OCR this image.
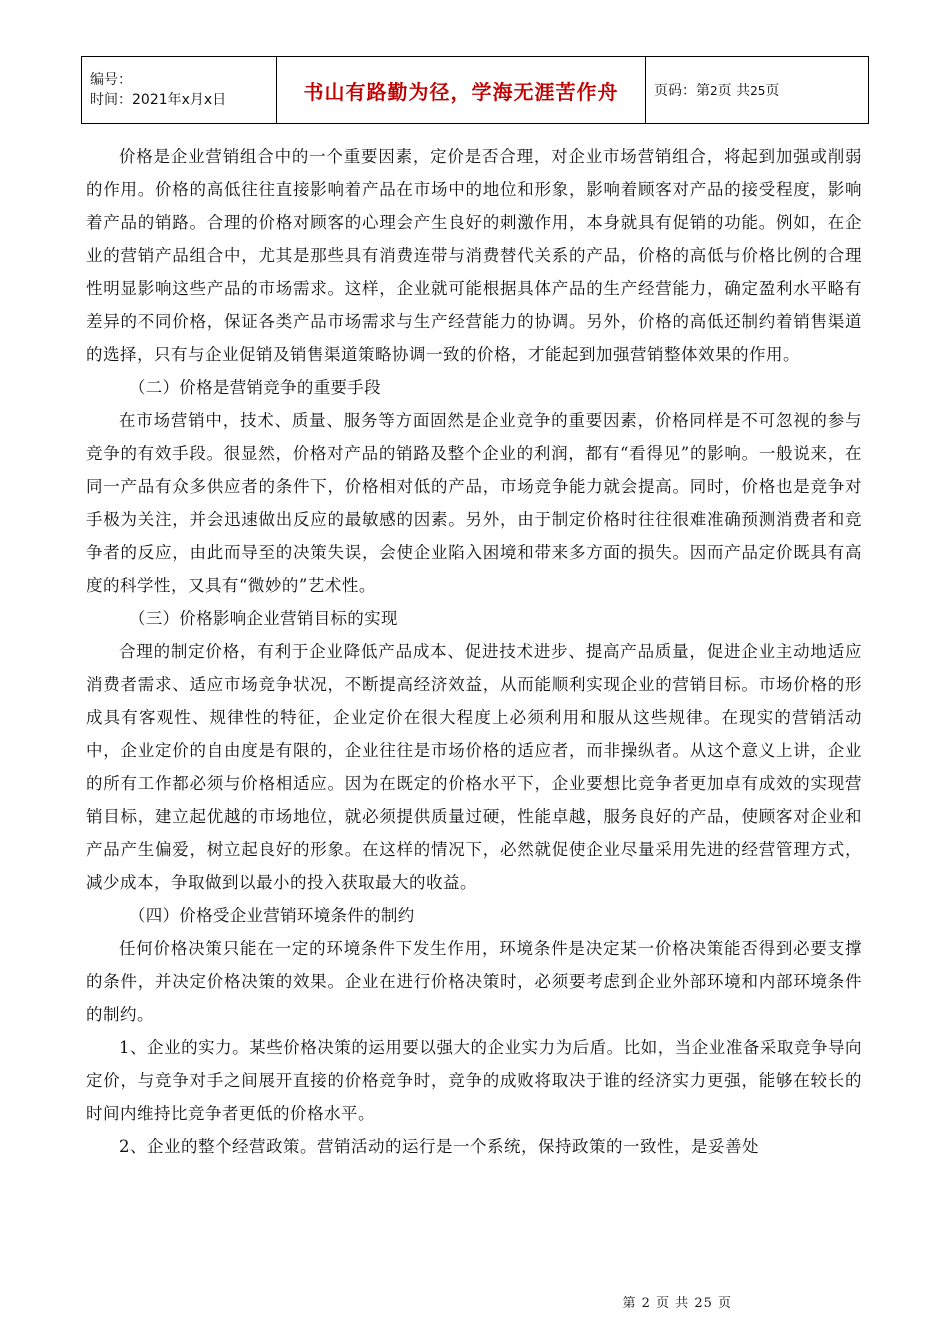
编号：
时间：2021年x月x日	书山有路勤为径，学海无涯苦作舟	页码：第2页 共25页

价格是企业营销组合中的一个重要因素，定价是否合理，对企业市场营销组合，将起到加强或削弱的作用。价格的高低往往直接影响着产品在市场中的地位和形象，影响着顾客对产品的接受程度，影响着产品的销路。合理的价格对顾客的心理会产生良好的刺激作用，本身就具有促销的功能。例如，在企业的营销产品组合中，尤其是那些具有消费连带与消费替代关系的产品，价格的高低与价格比例的合理性明显影响这些产品的市场需求。这样，企业就可能根据具体产品的生产经营能力，确定盈利水平略有差异的不同价格，保证各类产品市场需求与生产经营能力的协调。另外，价格的高低还制约着销售渠道的选择，只有与企业促销及销售渠道策略协调一致的价格，才能起到加强营销整体效果的作用。

（二）价格是营销竞争的重要手段

在市场营销中，技术、质量、服务等方面固然是企业竞争的重要因素，价格同样是不可忽视的参与竞争的有效手段。很显然，价格对产品的销路及整个企业的利润，都有“看得见”的影响。一般说来，在同一产品有众多供应者的条件下，价格相对低的产品，市场竞争能力就会提高。同时，价格也是竞争对手极为关注，并会迅速做出反应的最敏感的因素。另外，由于制定价格时往往很难准确预测消费者和竞争者的反应，由此而导至的决策失误，会使企业陷入困境和带来多方面的损失。因而产品定价既具有高度的科学性，又具有“微妙的”艺术性。

（三）价格影响企业营销目标的实现

合理的制定价格，有利于企业降低产品成本、促进技术进步、提高产品质量，促进企业主动地适应消费者需求、适应市场竞争状况，不断提高经济效益，从而能顺利实现企业的营销目标。市场价格的形成具有客观性、规律性的特征，企业定价在很大程度上必须利用和服从这些规律。在现实的营销活动中，企业定价的自由度是有限的，企业往往是市场价格的适应者，而非操纵者。从这个意义上讲，企业的所有工作都必须与价格相适应。因为在既定的价格水平下，企业要想比竞争者更加卓有成效的实现营销目标，建立起优越的市场地位，就必须提供质量过硬，性能卓越，服务良好的产品，使顾客对企业和产品产生偏爱，树立起良好的形象。在这样的情况下，必然就促使企业尽量采用先进的经营管理方式，减少成本，争取做到以最小的投入获取最大的收益。

（四）价格受企业营销环境条件的制约

任何价格决策只能在一定的环境条件下发生作用，环境条件是决定某一价格决策能否得到必要支撑的条件，并决定价格决策的效果。企业在进行价格决策时，必须要考虑到企业外部环境和内部环境条件的制约。

1、企业的实力。某些价格决策的运用要以强大的企业实力为后盾。比如，当企业准备采取竞争导向定价，与竞争对手之间展开直接的价格竞争时，竞争的成败将取决于谁的经济实力更强，能够在较长的时间内维持比竞争者更低的价格水平。

2、企业的整个经营政策。营销活动的运行是一个系统，保持政策的一致性，是妥善处

第 2 页 共 25 页
